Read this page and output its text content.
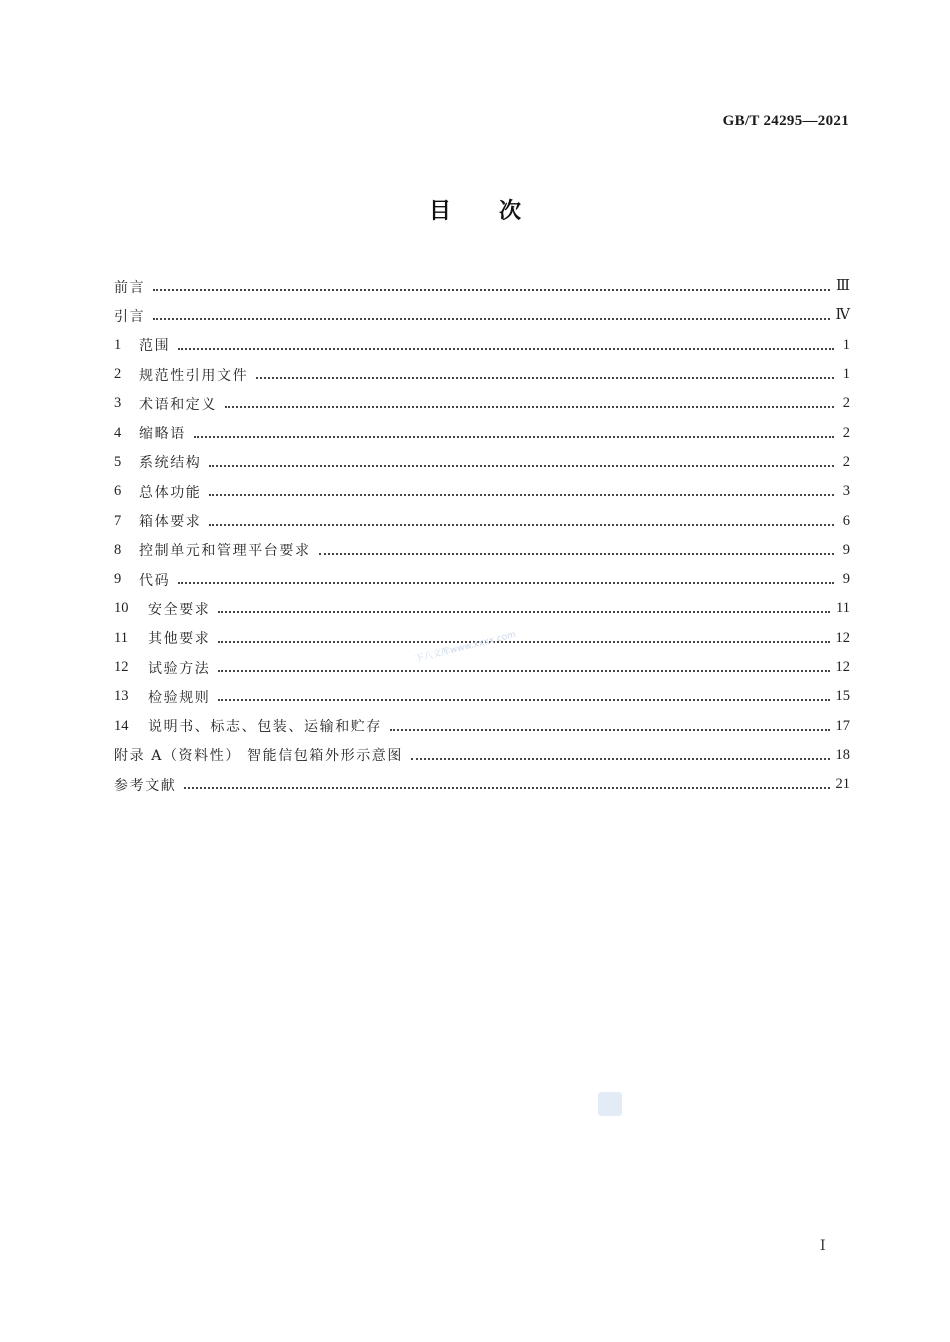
GB/T 24295—2021
目次
前言	Ⅲ
引言	Ⅳ
1	范围	1
2	规范性引用文件	1
3	术语和定义	2
4	缩略语	2
5	系统结构	2
6	总体功能	3
7	箱体要求	6
8	控制单元和管理平台要求	9
9	代码	9
10	安全要求	11
11	其他要求	12
12	试验方法	12
13	检验规则	15
14	说明书、标志、包装、运输和贮存	17
附录 A（资料性） 智能信包箱外形示意图	18
参考文献	21
下八文库www.xxxx.com
Ⅰ
